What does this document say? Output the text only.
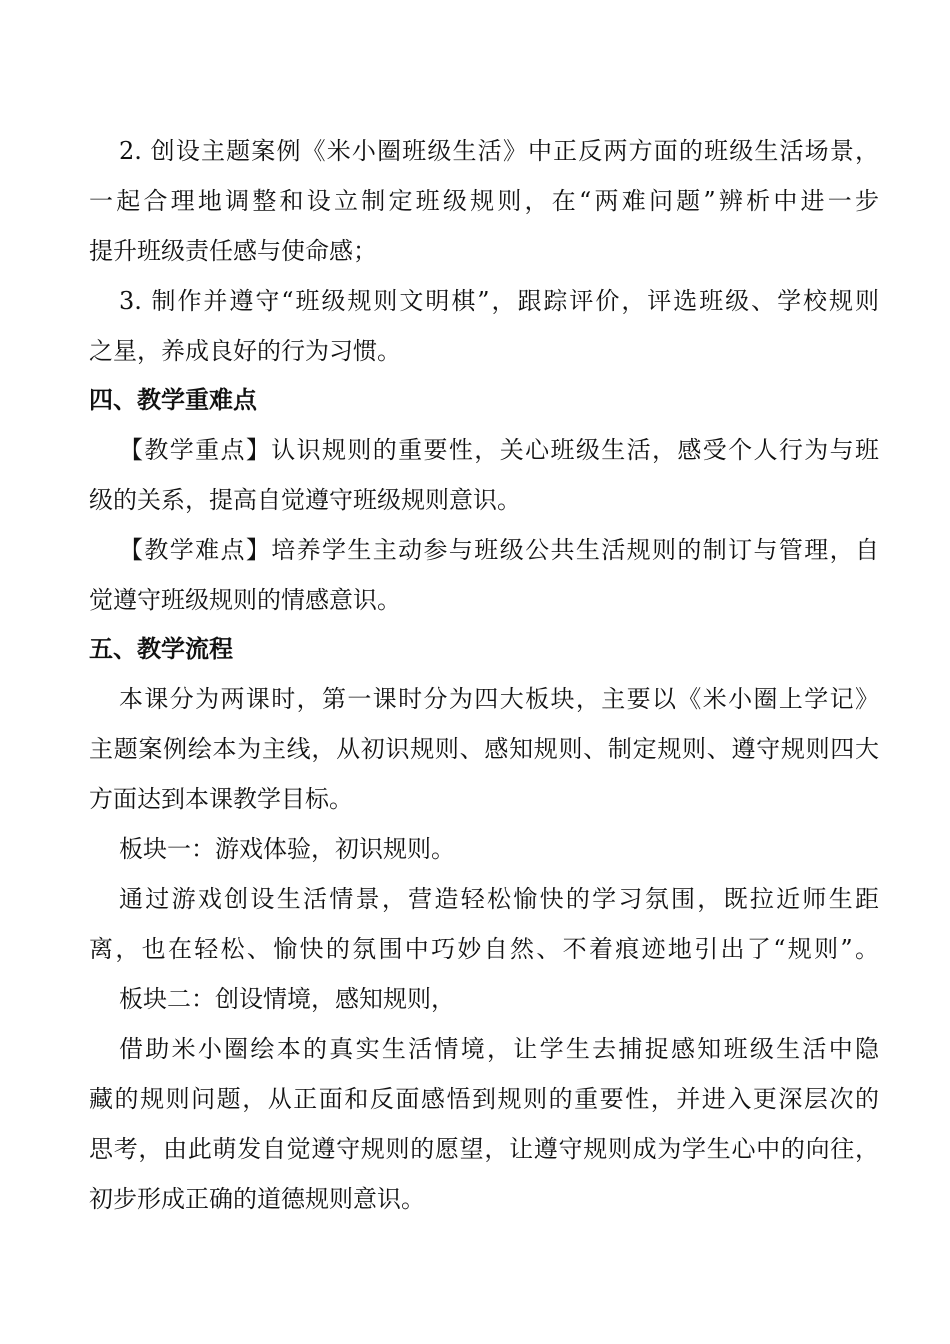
2. 创设主题案例《米小圈班级生活》中正反两方面的班级生活场景，
一起合理地调整和设立制定班级规则，在“两难问题”辨析中进一步
提升班级责任感与使命感；
3. 制作并遵守“班级规则文明棋”，跟踪评价，评选班级、学校规则
之星，养成良好的行为习惯。
四、教学重难点
【教学重点】认识规则的重要性，关心班级生活，感受个人行为与班
级的关系，提高自觉遵守班级规则意识。
【教学难点】培养学生主动参与班级公共生活规则的制订与管理，自
觉遵守班级规则的情感意识。
五、教学流程
本课分为两课时，第一课时分为四大板块，主要以《米小圈上学记》
主题案例绘本为主线，从初识规则、感知规则、制定规则、遵守规则四大
方面达到本课教学目标。
板块一：游戏体验，初识规则。
通过游戏创设生活情景，营造轻松愉快的学习氛围，既拉近师生距
离，也在轻松、愉快的氛围中巧妙自然、不着痕迹地引出了“规则”。
板块二：创设情境，感知规则，
借助米小圈绘本的真实生活情境，让学生去捕捉感知班级生活中隐
藏的规则问题，从正面和反面感悟到规则的重要性，并进入更深层次的
思考，由此萌发自觉遵守规则的愿望，让遵守规则成为学生心中的向往，
初步形成正确的道德规则意识。
